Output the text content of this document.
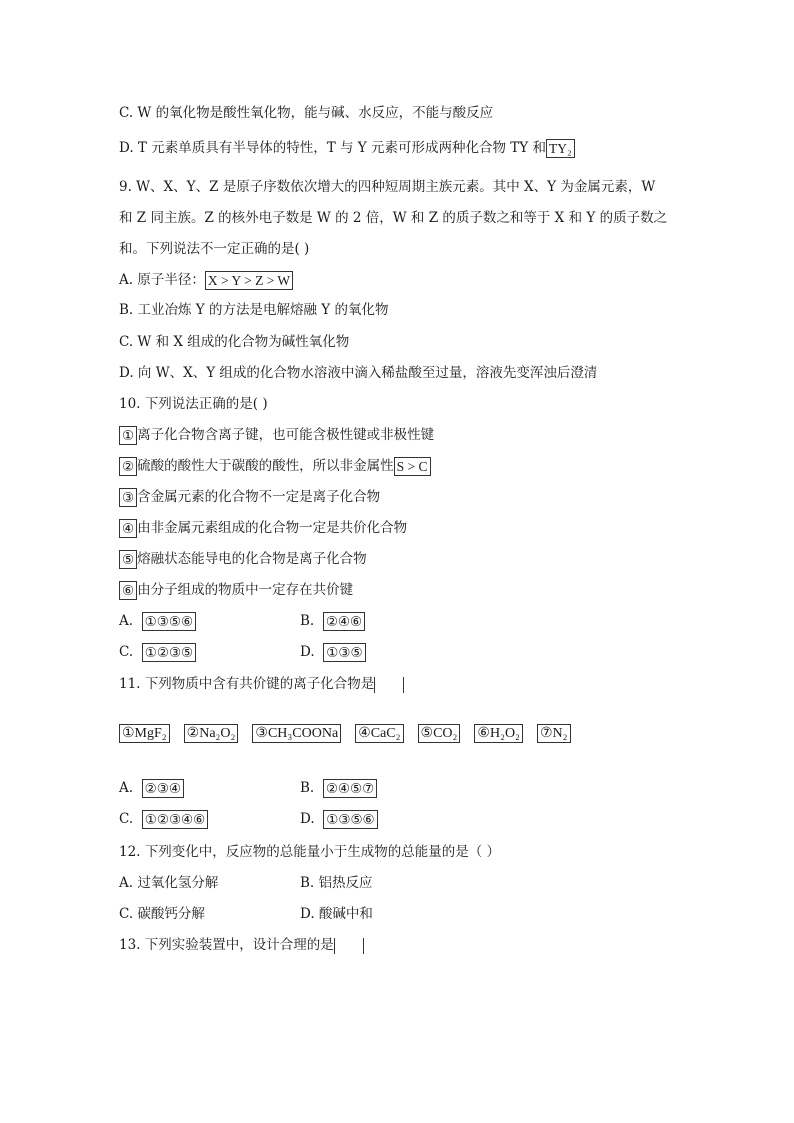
C. W 的氧化物是酸性氧化物，能与碱、水反应，不能与酸反应
D. T 元素单质具有半导体的特性，T 与 Y 元素可形成两种化合物 TY 和 TY₂
9. W、X、Y、Z 是原子序数依次增大的四种短周期主族元素。其中 X、Y 为金属元素，W
和 Z 同主族。Z 的核外电子数是 W 的 2 倍，W 和 Z 的质子数之和等于 X 和 Y 的质子数之
和。下列说法不一定正确的是( )
A. 原子半径： X > Y > Z > W
B. 工业冶炼 Y 的方法是电解熔融 Y 的氧化物
C. W 和 X 组成的化合物为碱性氧化物
D. 向 W、X、Y 组成的化合物水溶液中滴入稀盐酸至过量，溶液先变浑浊后澄清
10. 下列说法正确的是( )
① 离子化合物含离子键，也可能含极性键或非极性键
② 硫酸的酸性大于碳酸的酸性，所以非金属性 S > C
③ 含金属元素的化合物不一定是离子化合物
④ 由非金属元素组成的化合物一定是共价化合物
⑤ 熔融状态能导电的化合物是离子化合物
⑥ 由分子组成的物质中一定存在共价键
A. ①③⑤⑥	B. ②④⑥
C. ①②③⑤	D. ①③⑤
11. 下列物质中含有共价键的离子化合物是
①MgF₂ ②Na₂O₂ ③CH₃COONa ④CaC₂ ⑤CO₂ ⑥H₂O₂ ⑦N₂
A. ②③④	B. ②④⑤⑦
C. ①②③④⑥	D. ①③⑤⑥
12. 下列变化中，反应物的总能量小于生成物的总能量的是（ ）
A. 过氧化氢分解	B. 铝热反应
C. 碳酸钙分解	D. 酸碱中和
13. 下列实验装置中，设计合理的是
